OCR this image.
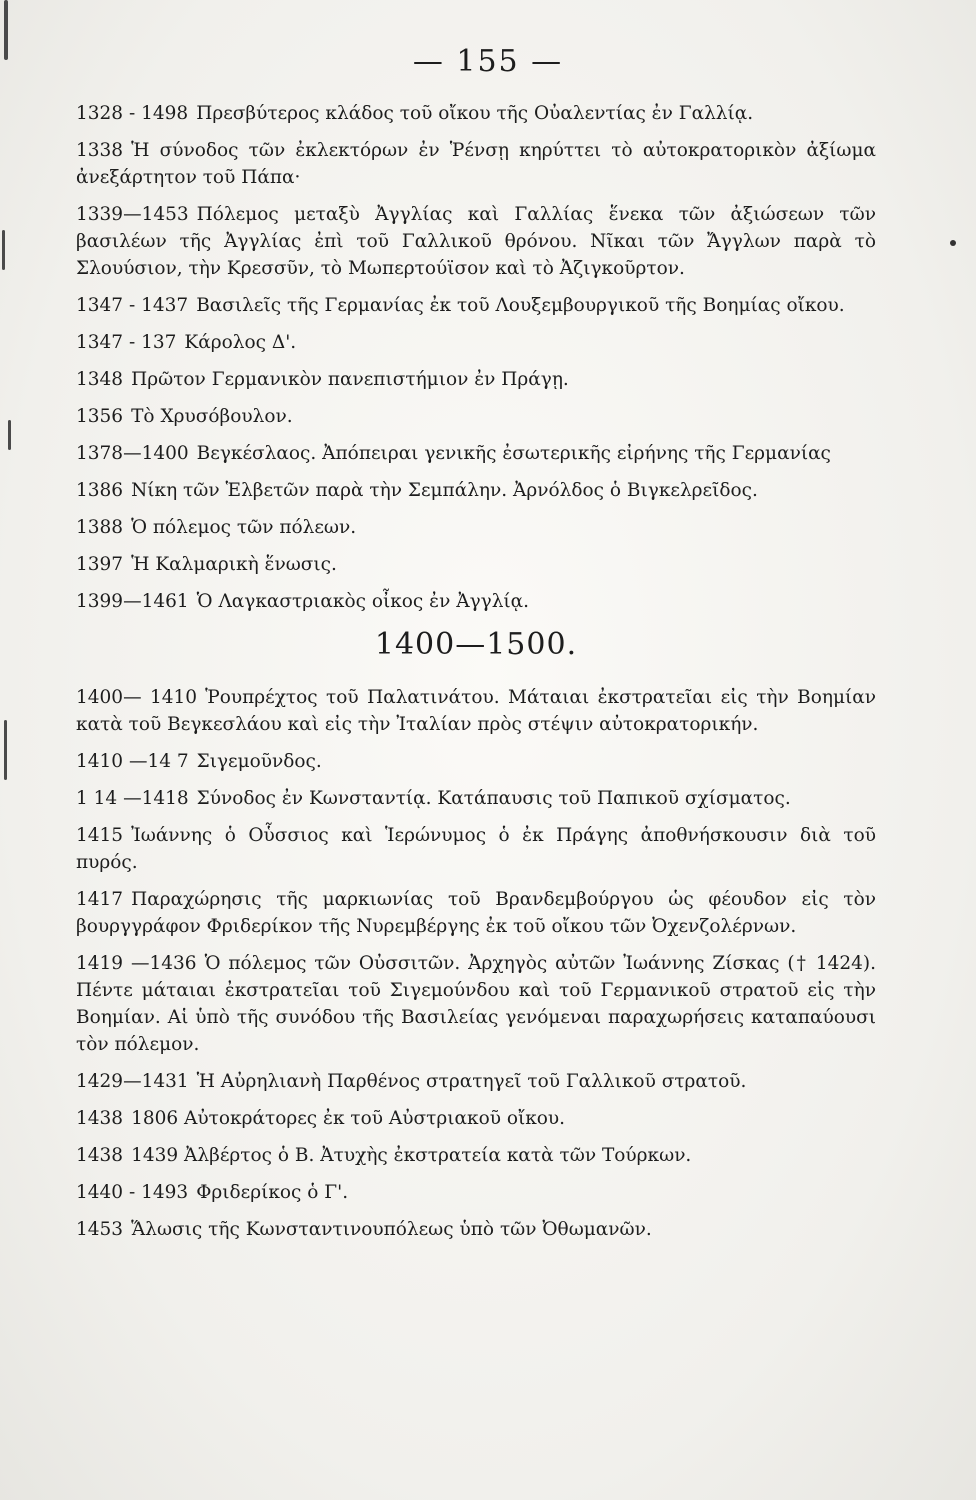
— 155 —
1328 - 1498 Πρεσβύτερος κλάδος τοῦ οἴκου τῆς Οὐαλεντίας ἐν Γαλλίᾳ.
1338 Ἡ σύνοδος τῶν ἐκλεκτόρων ἐν Ῥένσῃ κηρύττει τὸ αὐτοκρατορικὸν ἀξίωμα ἀνεξάρτητον τοῦ Πάπα·
1339—1453 Πόλεμος μεταξὺ Ἀγγλίας καὶ Γαλλίας ἕνεκα τῶν ἀξιώσεων τῶν βασιλέων τῆς Ἀγγλίας ἐπὶ τοῦ Γαλλικοῦ θρόνου. Νῖκαι τῶν Ἄγγλων παρὰ τὸ Σλουύσιον, τὴν Κρεσσῦν, τὸ Μωπερτούϊσον καὶ τὸ Ἀζιγκοῦρτον.
1347 - 1437 Βασιλεῖς τῆς Γερμανίας ἐκ τοῦ Λουξεμβουργικοῦ τῆς Βοημίας οἴκου.
1347 - 137 Κάρολος Δ'.
1348 Πρῶτον Γερμανικὸν πανεπιστήμιον ἐν Πράγῃ.
1356 Τὸ Χρυσόβουλον.
1378—1400 Βεγκέσλαος. Ἀπόπειραι γενικῆς ἐσωτερικῆς εἰρήνης τῆς Γερμανίας
1386 Νίκη τῶν Ἑλβετῶν παρὰ τὴν Σεμπάλην. Ἀρνόλδος ὁ Βιγκελρεῖδος.
1388 Ὁ πόλεμος τῶν πόλεων.
1397 Ἡ Καλμαρικὴ ἕνωσις.
1399—1461 Ὁ Λαγκαστριακὸς οἶκος ἐν Ἀγγλίᾳ.
1400—1500.
1400— 1410 Ῥουπρέχτος τοῦ Παλατινάτου. Μάταιαι ἐκστρατεῖαι εἰς τὴν Βοημίαν κατὰ τοῦ Βεγκεσλάου καὶ εἰς τὴν Ἰταλίαν πρὸς στέψιν αὐτοκρατορικήν.
1410 —14 7 Σιγεμοῦνδος.
1 14 —1418 Σύνοδος ἐν Κωνσταντίᾳ. Κατάπαυσις τοῦ Παπικοῦ σχίσματος.
1415 Ἰωάννης ὁ Οὗσσιος καὶ Ἱερώνυμος ὁ ἐκ Πράγης ἀποθνήσκουσιν διὰ τοῦ πυρός.
1417 Παραχώρησις τῆς μαρκιωνίας τοῦ Βρανδεμβούργου ὡς φέουδον εἰς τὸν βουργγράφον Φριδερίκον τῆς Νυρεμβέργης ἐκ τοῦ οἴκου τῶν Ὀχενζολέρνων.
1419 —1436 Ὁ πόλεμος τῶν Οὐσσιτῶν. Ἀρχηγὸς αὐτῶν Ἰωάννης Ζίσκας († 1424). Πέντε μάταιαι ἐκστρατεῖαι τοῦ Σιγεμούνδου καὶ τοῦ Γερμανικοῦ στρατοῦ εἰς τὴν Βοημίαν. Αἱ ὑπὸ τῆς συνόδου τῆς Βασιλείας γενόμεναι παραχωρήσεις καταπαύουσι τὸν πόλεμον.
1429—1431 Ἡ Αὐρηλιανὴ Παρθένος στρατηγεῖ τοῦ Γαλλικοῦ στρατοῦ.
1438 1806 Αὐτοκράτορες ἐκ τοῦ Αὐστριακοῦ οἴκου.
1438 1439 Ἀλβέρτος ὁ Β. Ἀτυχὴς ἐκστρατεία κατὰ τῶν Τούρκων.
1440 - 1493 Φριδερίκος ὁ Γ'.
1453 Ἅλωσις τῆς Κωνσταντινουπόλεως ὑπὸ τῶν Ὀθωμανῶν.
